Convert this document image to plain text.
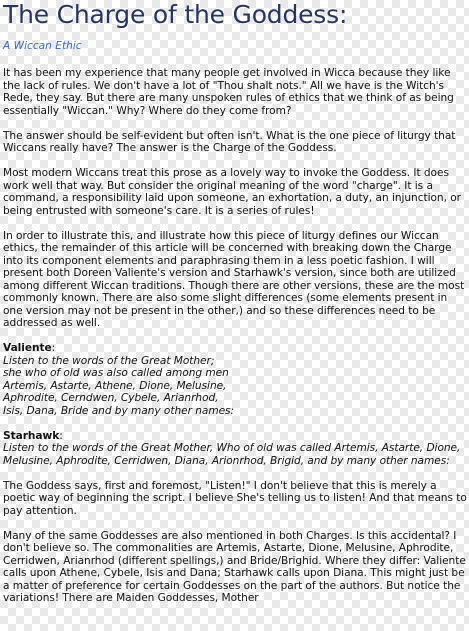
The Charge of the Goddess:
A Wiccan Ethic

It has been my experience that many people get involved in Wicca because they like the lack of rules. We don't have a lot of "Thou shalt nots." All we have is the Witch's Rede, they say. But there are many unspoken rules of ethics that we think of as being essentially "Wiccan." Why? Where do they come from?

The answer should be self-evident but often isn't. What is the one piece of liturgy that Wiccans really have? The answer is the Charge of the Goddess.

Most modern Wiccans treat this prose as a lovely way to invoke the Goddess. It does work well that way. But consider the original meaning of the word "charge". It is a command, a responsibility laid upon someone, an exhortation, a duty, an injunction, or being entrusted with someone's care. It is a series of rules!

In order to illustrate this, and illustrate how this piece of liturgy defines our Wiccan ethics, the remainder of this article will be concerned with breaking down the Charge into its component elements and paraphrasing them in a less poetic fashion. I will present both Doreen Valiente's version and Starhawk's version, since both are utilized among different Wiccan traditions. Though there are other versions, these are the most commonly known. There are also some slight differences (some elements present in one version may not be present in the other,) and so these differences need to be addressed as well.

Valiente:
Listen to the words of the Great Mother;
she who of old was also called among men
Artemis, Astarte, Athene, Dione, Melusine,
Aphrodite, Cerndwen, Cybele, Arianrhod,
Isis, Dana, Bride and by many other names:

Starhawk:
Listen to the words of the Great Mother, Who of old was called Artemis, Astarte, Dione, Melusine, Aphrodite, Cerridwen, Diana, Arionrhod, Brigid, and by many other names:

The Goddess says, first and foremost, "Listen!" I don't believe that this is merely a poetic way of beginning the script. I believe She's telling us to listen! And that means to pay attention.

Many of the same Goddesses are also mentioned in both Charges. Is this accidental? I don't believe so. The commonalities are Artemis, Astarte, Dione, Melusine, Aphrodite, Cerridwen, Arianrhod (different spellings,) and Bride/Brighid. Where they differ: Valiente calls upon Athene, Cybele, Isis and Dana; Starhawk calls upon Diana. This might just be a matter of preference for certain Goddesses on the part of the authors. But notice the variations! There are Maiden Goddesses, Mother
